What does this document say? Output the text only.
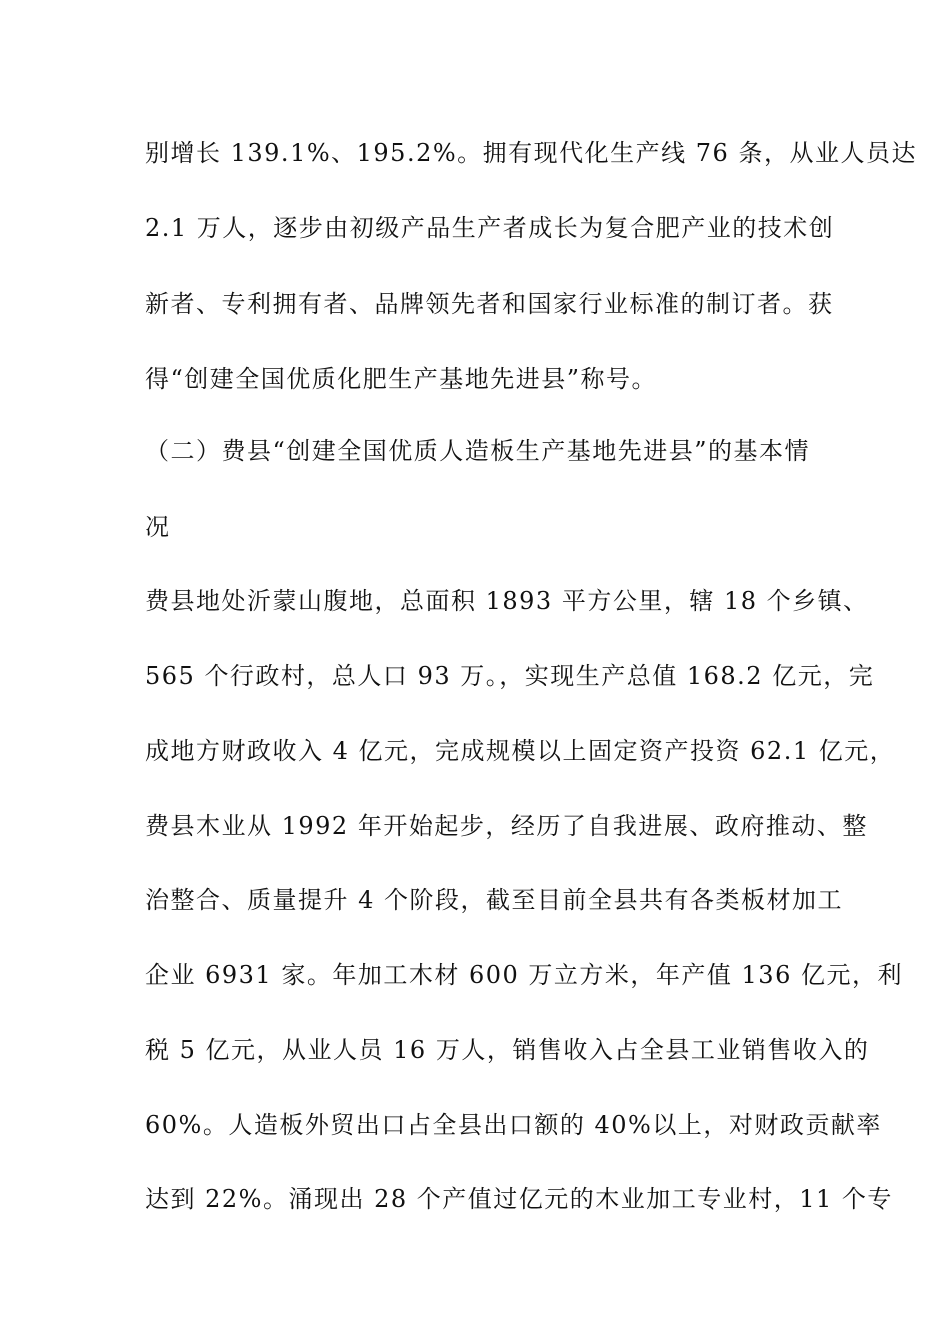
别增长 139.1%、195.2%。拥有现代化生产线 76 条，从业人员达
2.1 万人，逐步由初级产品生产者成长为复合肥产业的技术创
新者、专利拥有者、品牌领先者和国家行业标准的制订者。获
得“创建全国优质化肥生产基地先进县”称号。
（二）费县“创建全国优质人造板生产基地先进县”的基本情
况
费县地处沂蒙山腹地，总面积 1893 平方公里，辖 18 个乡镇、
565 个行政村，总人口 93 万。，实现生产总值 168.2 亿元，完
成地方财政收入 4 亿元，完成规模以上固定资产投资 62.1 亿元，
费县木业从 1992 年开始起步，经历了自我进展、政府推动、整
治整合、质量提升 4 个阶段，截至目前全县共有各类板材加工
企业 6931 家。年加工木材 600 万立方米，年产值 136 亿元，利
税 5 亿元，从业人员 16 万人，销售收入占全县工业销售收入的
60%。人造板外贸出口占全县出口额的 40%以上，对财政贡献率
达到 22%。涌现出 28 个产值过亿元的木业加工专业村，11 个专
